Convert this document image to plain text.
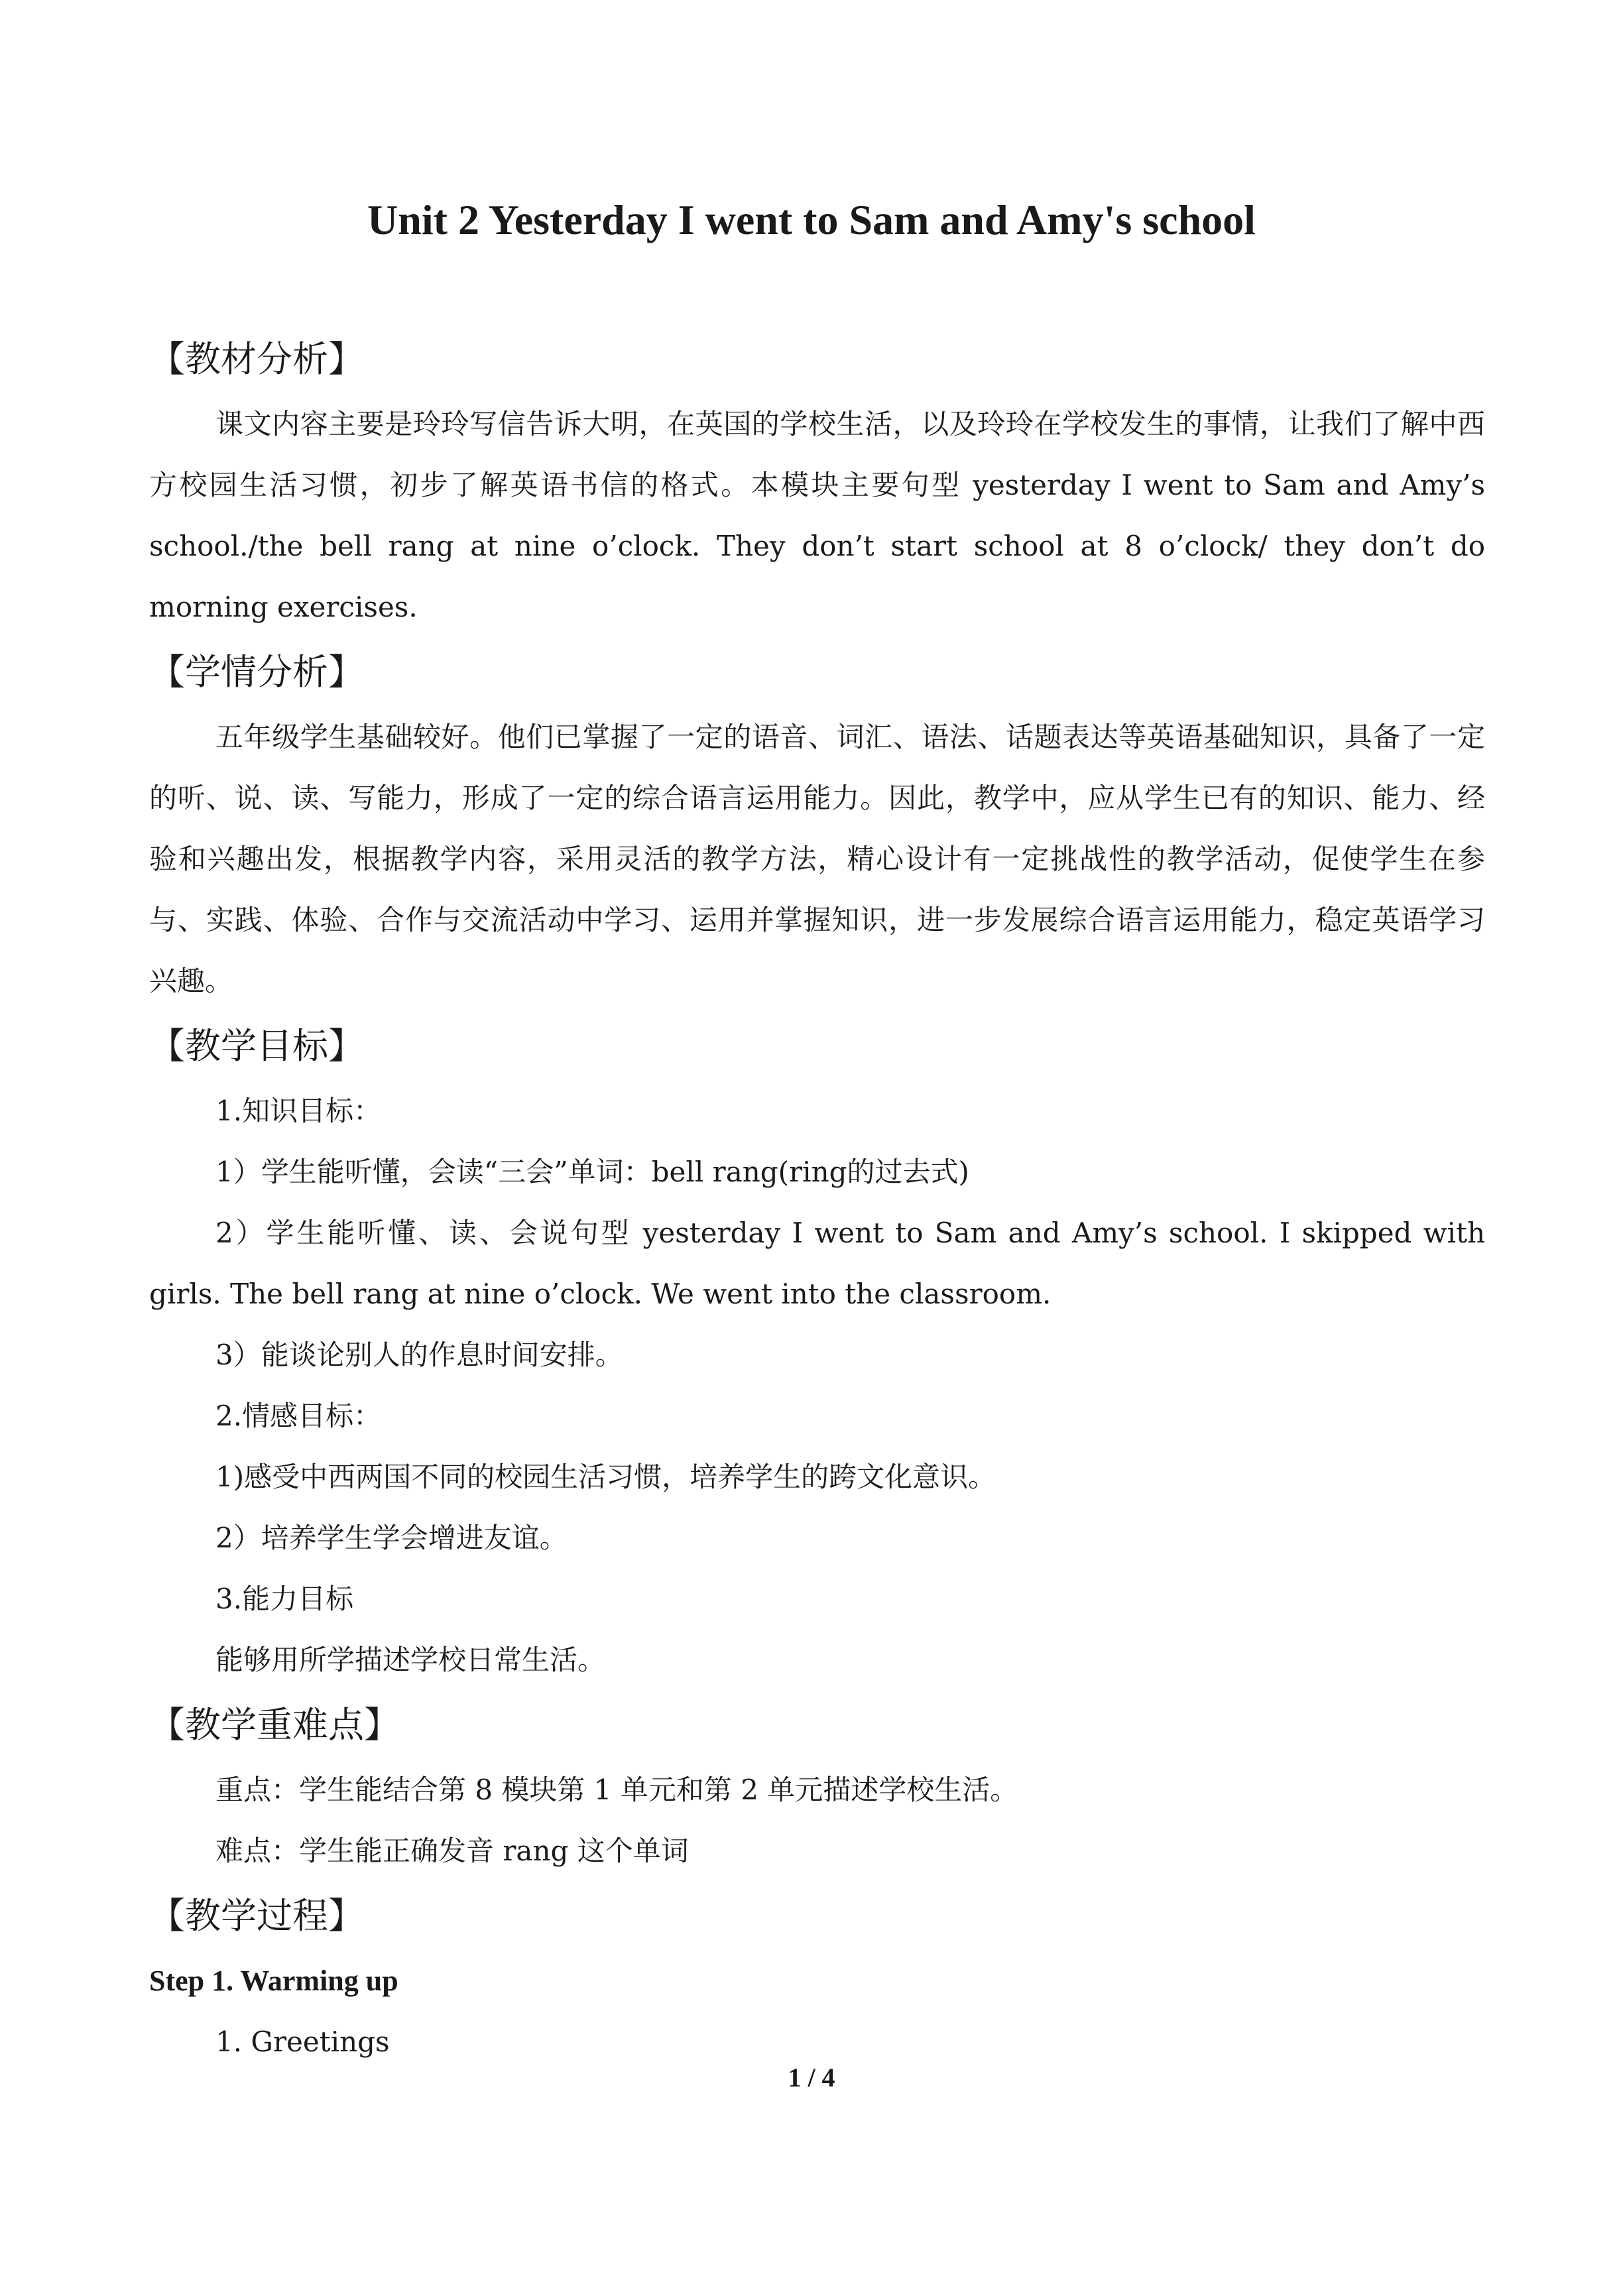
Unit 2 Yesterday I went to Sam and Amy's school
【教材分析】

课文内容主要是玲玲写信告诉大明，在英国的学校生活，以及玲玲在学校发生的事情，让我们了解中西方校园生活习惯，初步了解英语书信的格式。本模块主要句型 yesterday I went to Sam and Amy’s school./the bell rang at nine o’clock. They don’t start school at 8 o’clock/ they don’t do morning exercises.

【学情分析】

五年级学生基础较好。他们已掌握了一定的语音、词汇、语法、话题表达等英语基础知识，具备了一定的听、说、读、写能力，形成了一定的综合语言运用能力。因此，教学中，应从学生已有的知识、能力、经验和兴趣出发，根据教学内容，采用灵活的教学方法，精心设计有一定挑战性的教学活动，促使学生在参与、实践、体验、合作与交流活动中学习、运用并掌握知识，进一步发展综合语言运用能力，稳定英语学习兴趣。

【教学目标】
1.知识目标：
1）学生能听懂，会读“三会”单词：bell rang(ring的过去式)

2）学生能听懂、读、会说句型 yesterday I went to Sam and Amy’s school. I skipped with girls. The bell rang at nine o’clock. We went into the classroom.

3）能谈论别人的作息时间安排。
2.情感目标：
1)感受中西两国不同的校园生活习惯，培养学生的跨文化意识。
2）培养学生学会增进友谊。
3.能力目标
能够用所学描述学校日常生活。
【教学重难点】
重点：学生能结合第 8 模块第 1 单元和第 2 单元描述学校生活。
难点：学生能正确发音 rang 这个单词
【教学过程】
Step 1. Warming up
1. Greetings
1 / 4
